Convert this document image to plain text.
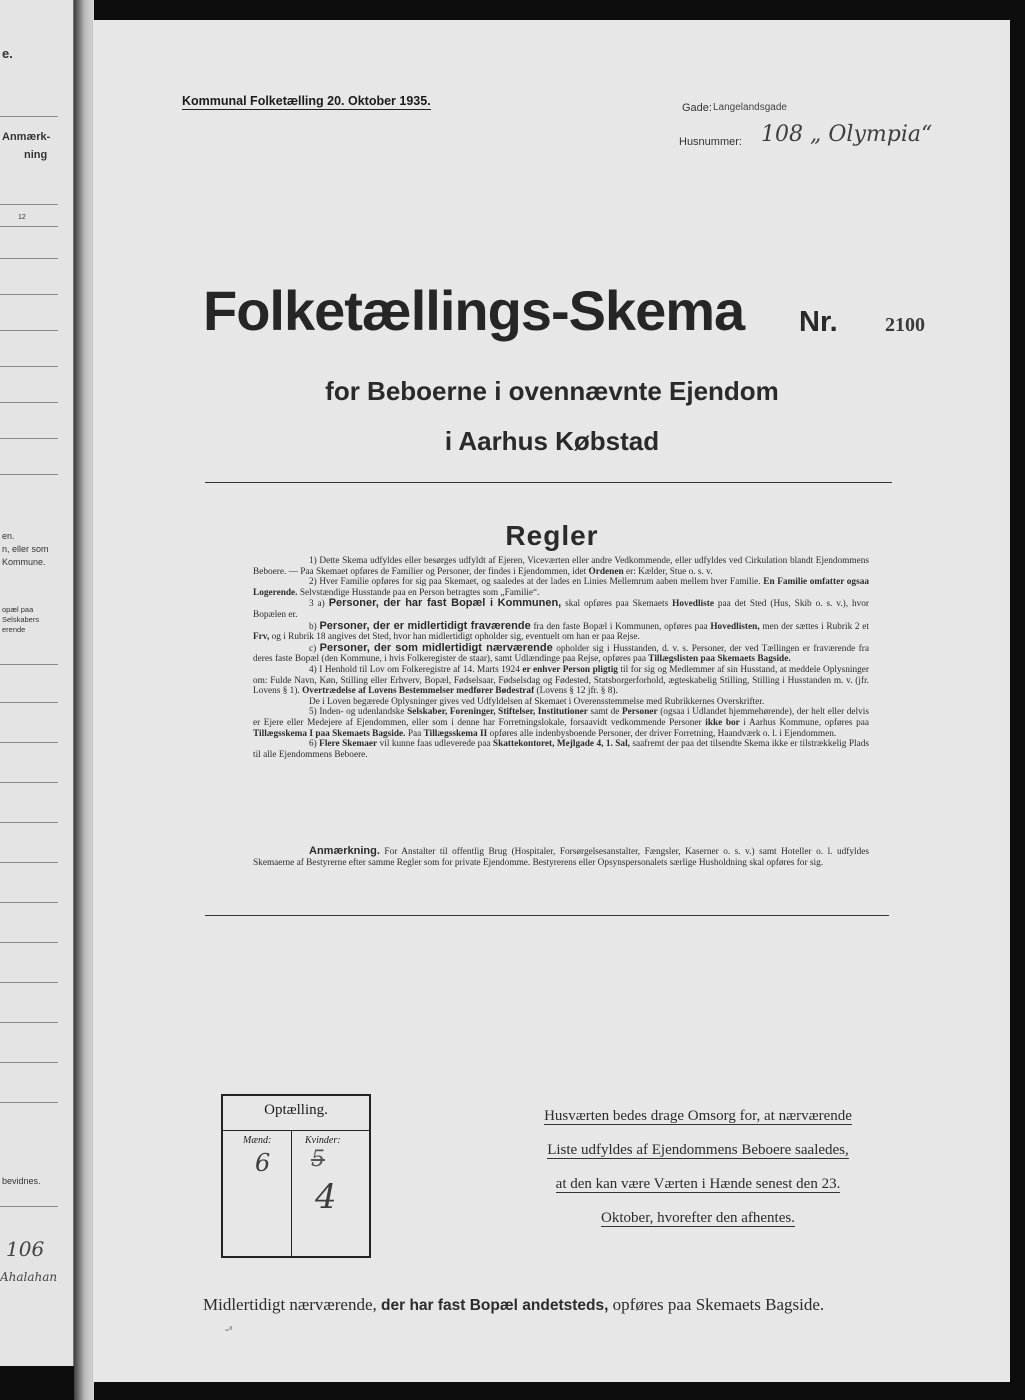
e.
Anmærk-
ning
12
en.
n, eller som
Kommune.
opæl paa
Selskabers
erende
bevidnes.
106
Ahalahan
Kommunal Folketælling 20. Oktober 1935.	Gade: Langelandsgade
Husnummer: 108 „ Olympia“
Folketællings-Skema Nr. 2100
for Beboerne i ovennævnte Ejendom
i Aarhus Købstad
Regler

1) Dette Skema udfyldes eller besørges udfyldt af Ejeren, Viceværten eller andre Vedkommende, eller udfyldes ved Cirkulation blandt Ejendommens Beboere. — Paa Skemaet opføres de Familier og Personer, der findes i Ejendommen, idet Ordenen er: Kælder, Stue o. s. v.

2) Hver Familie opføres for sig paa Skemaet, og saaledes at der lades en Linies Mellemrum aaben mellem hver Familie. En Familie omfatter ogsaa Logerende. Selvstændige Husstande paa en Person betragtes som „Familie“.

3 a) Personer, der har fast Bopæl i Kommunen, skal opføres paa Skemaets Hovedliste paa det Sted (Hus, Skib o. s. v.), hvor Bopælen er.

b) Personer, der er midlertidigt fraværende fra den faste Bopæl i Kommunen, opføres paa Hovedlisten, men der sættes i Rubrik 2 et Frv, og i Rubrik 18 angives det Sted, hvor han midlertidigt opholder sig, eventuelt om han er paa Rejse.

c) Personer, der som midlertidigt nærværende opholder sig i Husstanden, d. v. s. Personer, der ved Tællingen er fraværende fra deres faste Bopæl (den Kommune, i hvis Folkeregister de staar), samt Udlændinge paa Rejse, opføres paa Tillægslisten paa Skemaets Bagside.

4) I Henhold til Lov om Folkeregistre af 14. Marts 1924 er enhver Person pligtig til for sig og Medlemmer af sin Husstand, at meddele Oplysninger om: Fulde Navn, Køn, Stilling eller Erhverv, Bopæl, Fødselsaar, Fødselsdag og Fødested, Statsborgerforhold, ægteskabelig Stilling, Stilling i Husstanden m. v. (jfr. Lovens § 1). Overtrædelse af Lovens Bestemmelser medfører Bødestraf (Lovens § 12 jfr. § 8).

De i Loven begærede Oplysninger gives ved Udfyldelsen af Skemaet i Overensstemmelse med Rubrikkernes Overskrifter.

5) Inden- og udenlandske Selskaber, Foreninger, Stiftelser, Institutioner samt de Personer (ogsaa i Udlandet hjemmehørende), der helt eller delvis er Ejere eller Medejere af Ejendommen, eller som i denne har Forretningslokale, forsaavidt vedkommende Personer ikke bor i Aarhus Kommune, opføres paa Tillægsskema I paa Skemaets Bagside. Paa Tillægsskema II opføres alle indenbysboende Personer, der driver Forretning, Haandværk o. l. i Ejendommen.

6) Flere Skemaer vil kunne faas udleverede paa Skattekontoret, Mejlgade 4, 1. Sal, saafremt der paa det tilsendte Skema ikke er tilstrækkelig Plads til alle Ejendommens Beboere.

Anmærkning. For Anstalter til offentlig Brug (Hospitaler, Forsørgelsesanstalter, Fængsler, Kaserner o. s. v.) samt Hoteller o. l. udfyldes Skemaerne af Bestyrerne efter samme Regler som for private Ejendomme. Bestyrerens eller Opsynspersonalets særlige Husholdning skal opføres for sig.

Optælling.
Mænd:	Kvinder:
6 5
4
Husværten bedes drage Omsorg for, at nærværende
Liste udfyldes af Ejendommens Beboere saaledes,
at den kan være Værten i Hænde senest den 23.
Oktober, hvorefter den afhentes.
Midlertidigt nærværende, der har fast Bopæl andetsteds, opføres paa Skemaets Bagside.
-ᵃ
